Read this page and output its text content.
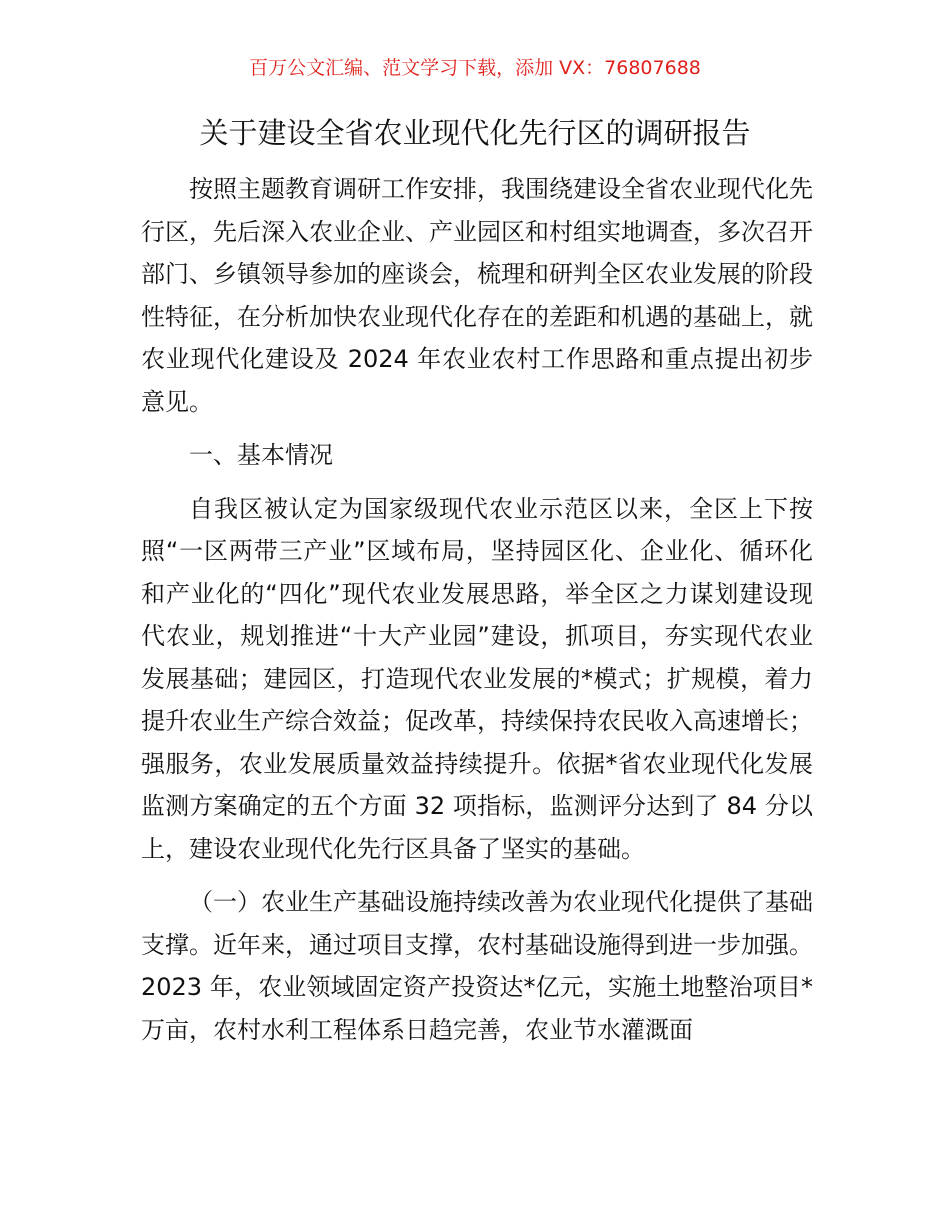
百万公文汇编、范文学习下载，添加 VX：76807688
关于建设全省农业现代化先行区的调研报告

按照主题教育调研工作安排，我围绕建设全省农业现代化先行区，先后深入农业企业、产业园区和村组实地调查，多次召开部门、乡镇领导参加的座谈会，梳理和研判全区农业发展的阶段性特征，在分析加快农业现代化存在的差距和机遇的基础上，就农业现代化建设及 2024 年农业农村工作思路和重点提出初步意见。

一、基本情况

自我区被认定为国家级现代农业示范区以来，全区上下按照“一区两带三产业”区域布局，坚持园区化、企业化、循环化和产业化的“四化”现代农业发展思路，举全区之力谋划建设现代农业，规划推进“十大产业园”建设，抓项目，夯实现代农业发展基础；建园区，打造现代农业发展的*模式；扩规模，着力提升农业生产综合效益；促改革，持续保持农民收入高速增长；强服务，农业发展质量效益持续提升。依据*省农业现代化发展监测方案确定的五个方面 32 项指标，监测评分达到了 84 分以上，建设农业现代化先行区具备了坚实的基础。

（一）农业生产基础设施持续改善为农业现代化提供了基础支撑。近年来，通过项目支撑，农村基础设施得到进一步加强。2023 年，农业领域固定资产投资达*亿元，实施土地整治项目*万亩，农村水利工程体系日趋完善，农业节水灌溉面
